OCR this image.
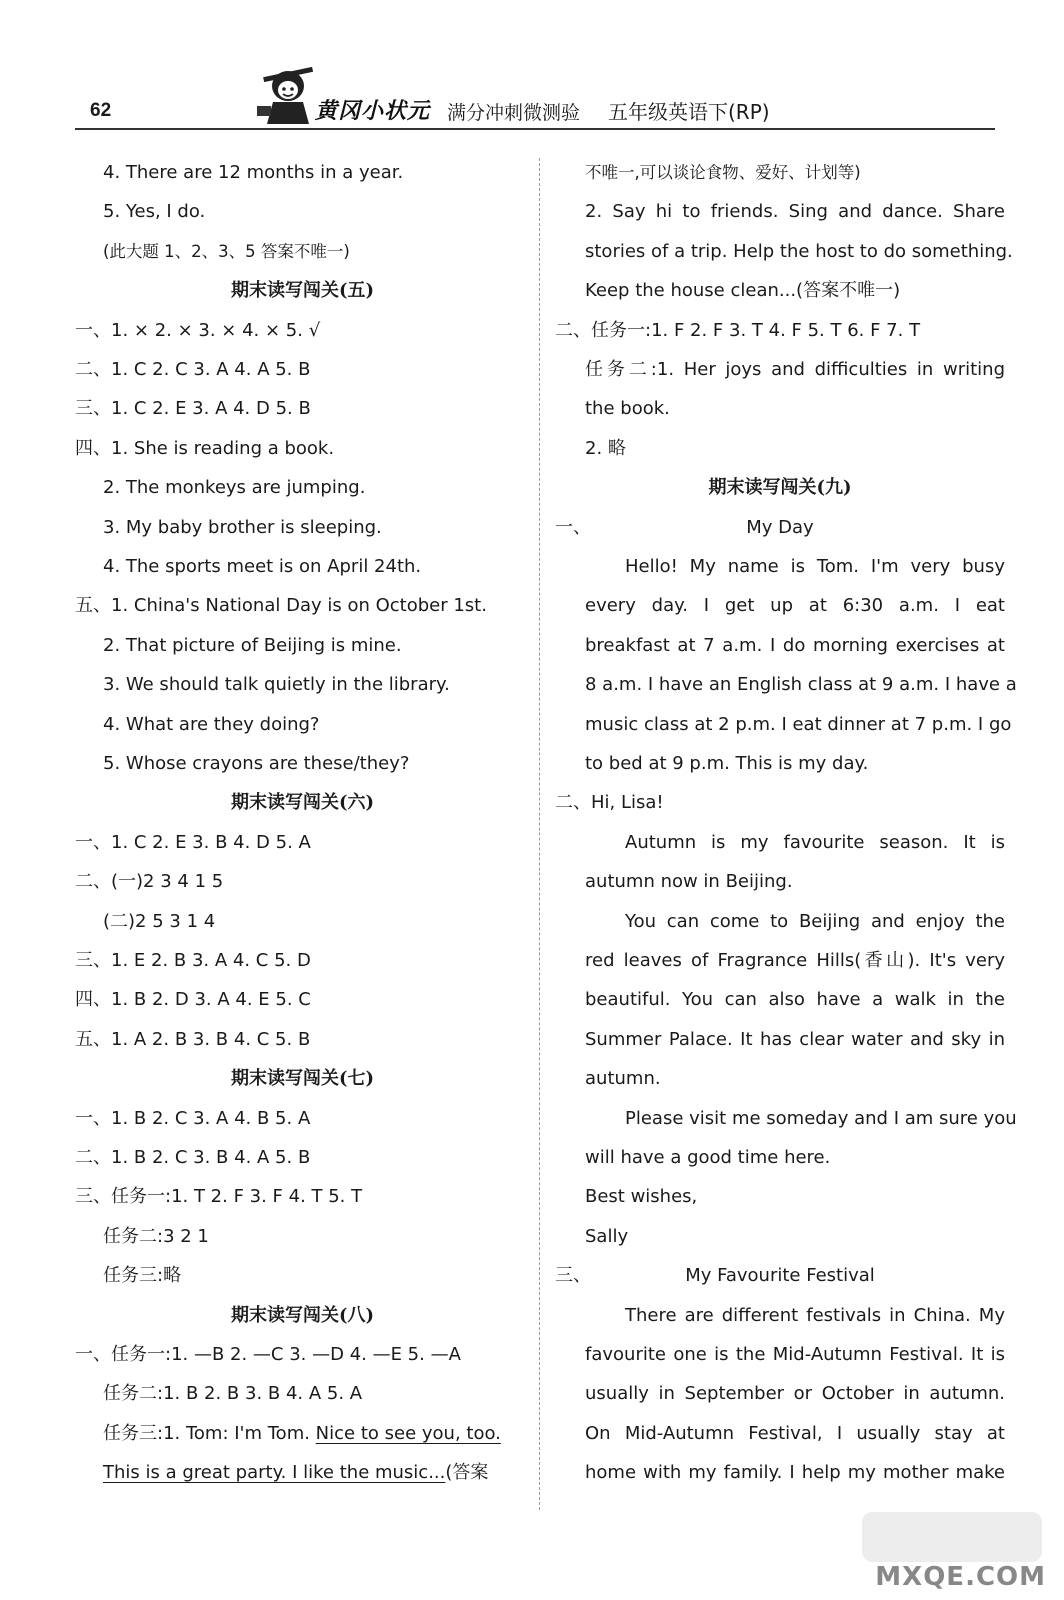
62	黄冈小状元 满分冲刺微测验 五年级英语下(RP)
4. There are 12 months in a year.
5. Yes, I do.
(此大题 1、2、3、5 答案不唯一)
期末读写闯关(五)
一、1. × 2. × 3. × 4. × 5. √
二、1. C 2. C 3. A 4. A 5. B
三、1. C 2. E 3. A 4. D 5. B
四、1. She is reading a book.
2. The monkeys are jumping.
3. My baby brother is sleeping.
4. The sports meet is on April 24th.
五、1. China's National Day is on October 1st.
2. That picture of Beijing is mine.
3. We should talk quietly in the library.
4. What are they doing?
5. Whose crayons are these/they?
期末读写闯关(六)
一、1. C 2. E 3. B 4. D 5. A
二、(一)2 3 4 1 5
(二)2 5 3 1 4
三、1. E 2. B 3. A 4. C 5. D
四、1. B 2. D 3. A 4. E 5. C
五、1. A 2. B 3. B 4. C 5. B
期末读写闯关(七)
一、1. B 2. C 3. A 4. B 5. A
二、1. B 2. C 3. B 4. A 5. B
三、任务一:1. T 2. F 3. F 4. T 5. T
任务二:3 2 1
任务三:略
期末读写闯关(八)
一、任务一:1. —B 2. —C 3. —D 4. —E 5. —A
任务二:1. B 2. B 3. B 4. A 5. A
任务三:1. Tom: I'm Tom. Nice to see you, too.
This is a great party. I like the music...(答案
不唯一,可以谈论食物、爱好、计划等)
2. Say hi to friends. Sing and dance. Share
stories of a trip. Help the host to do something.
Keep the house clean...(答案不唯一)
二、任务一:1. F 2. F 3. T 4. F 5. T 6. F 7. T
任务二:1. Her joys and difficulties in writing
the book.
2. 略
期末读写闯关(九)
一、	My Day
Hello! My name is Tom. I'm very busy
every day. I get up at 6:30 a.m. I eat
breakfast at 7 a.m. I do morning exercises at
8 a.m. I have an English class at 9 a.m. I have a
music class at 2 p.m. I eat dinner at 7 p.m. I go
to bed at 9 p.m. This is my day.
二、Hi, Lisa!
Autumn is my favourite season. It is
autumn now in Beijing.
You can come to Beijing and enjoy the
red leaves of Fragrance Hills(香山). It's very
beautiful. You can also have a walk in the
Summer Palace. It has clear water and sky in
autumn.
Please visit me someday and I am sure you
will have a good time here.
Best wishes,
Sally
三、	My Favourite Festival
There are different festivals in China. My
favourite one is the Mid-Autumn Festival. It is
usually in September or October in autumn.
On Mid-Autumn Festival, I usually stay at
home with my family. I help my mother make
MXQE.COM
